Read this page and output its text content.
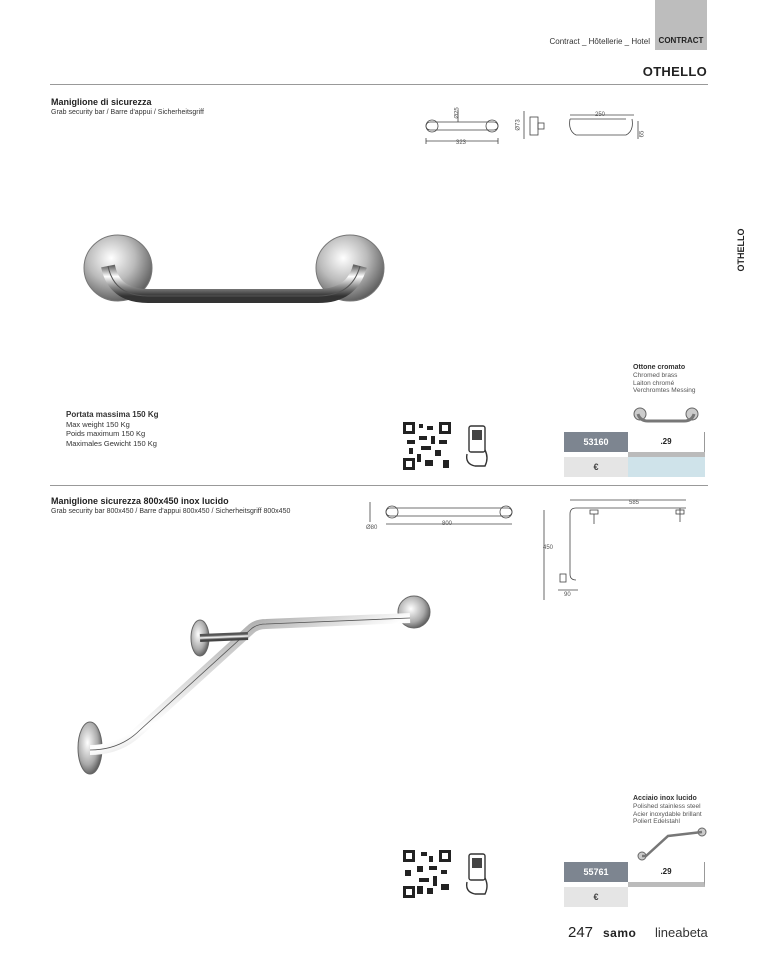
CONTRACT
Contract _ Hôtellerie _ Hotel
OTHELLO
OTHELLO
Maniglione di sicurezza
Grab security bar / Barre d'appui / Sicherheitsgriff	Ø25
323
Ø73
250
65
Ottone cromato
Chromed brass
Laiton chromé
Verchromtes Messing
Portata massima 150 Kg
Max weight 150 Kg
Poids maximum 150 Kg
Maximales Gewicht 150 Kg	53160	.29
€
Maniglione sicurezza 800x450 inox lucido
Grab security bar 800x450 / Barre d'appui 800x450 / Sicherheitsgriff 800x450
Ø80
800
585
450
90
Acciaio inox lucido
Polished stainless steel
Acier inoxydable brillant
Poliert Edelstahl
55761	.29
€
247 samo lineabeta
